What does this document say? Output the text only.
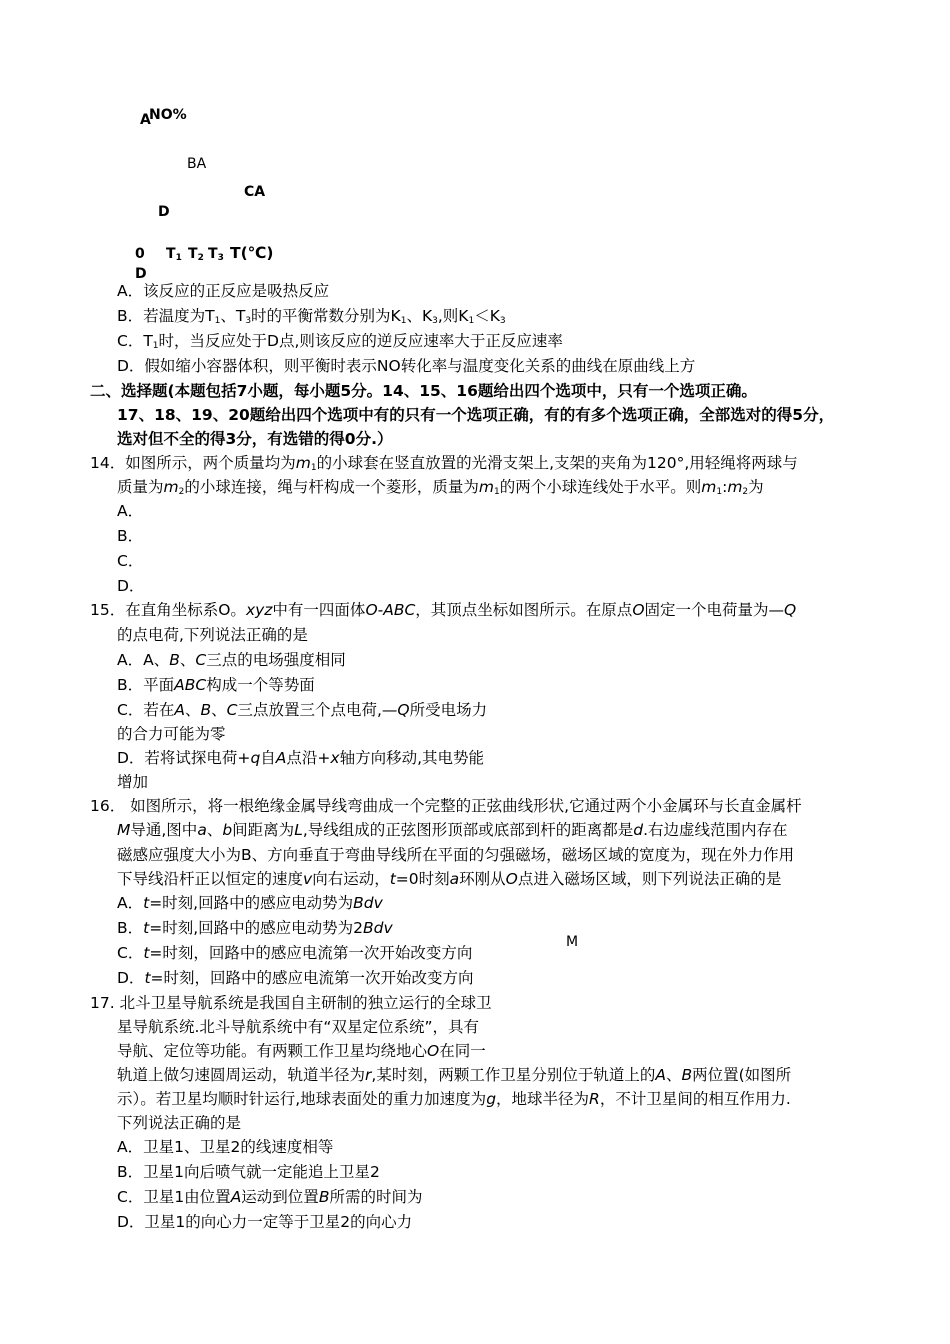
A
NO%
BA
CA
D
0 $T_1$ $T_2$ $T_3$ T(℃)
D
A．该反应的正反应是吸热反应
B．若温度为$T_1$、$T_3$时的平衡常数分别为$K_1$、$K_3$,则$K_1<K_3$
C．$T_1$时，当反应处于D点,则该反应的逆反应速率大于正反应速率
D．假如缩小容器体积，则平衡时表示NO转化率与温度变化关系的曲线在原曲线上方
二、选择题(本题包括7小题，每小题5分。14、15、16题给出四个选项中，只有一个选项正确。
17、18、19、20题给出四个选项中有的只有一个选项正确，有的有多个选项正确，全部选对的得5分，
选对但不全的得3分，有选错的得0分.）
14．如图所示，两个质量均为$m_1$的小球套在竖直放置的光滑支架上,支架的夹角为120°,用轻绳将两球与
质量为$m_2$的小球连接，绳与杆构成一个菱形，质量为$m_1$的两个小球连线处于水平。则$m_1:m_2$为
A．
B．
C．
D．
15．在直角坐标系O。xyz中有一四面体O-ABC，其顶点坐标如图所示。在原点O固定一个电荷量为—Q
的点电荷,下列说法正确的是
A．A、B、C三点的电场强度相同
B．平面ABC构成一个等势面
C．若在A、B、C三点放置三个点电荷,—Q所受电场力
的合力可能为零
D．若将试探电荷+q自A点沿+x轴方向移动,其电势能
增加
16． 如图所示，将一根绝缘金属导线弯曲成一个完整的正弦曲线形状,它通过两个小金属环与长直金属杆
M导通,图中a、b间距离为L,导线组成的正弦图形顶部或底部到杆的距离都是d.右边虚线范围内存在
磁感应强度大小为B、方向垂直于弯曲导线所在平面的匀强磁场，磁场区域的宽度为，现在外力作用
下导线沿杆正以恒定的速度v向右运动，t=0时刻a环刚从O点进入磁场区域，则下列说法正确的是
A．t=时刻,回路中的感应电动势为Bdv
B．t=时刻,回路中的感应电动势为2Bdv
C．t=时刻，回路中的感应电流第一次开始改变方向
M
D．t=时刻，回路中的感应电流第一次开始改变方向
17. 北斗卫星导航系统是我国自主研制的独立运行的全球卫
星导航系统.北斗导航系统中有“双星定位系统”，具有
导航、定位等功能。有两颗工作卫星均绕地心O在同一
轨道上做匀速圆周运动，轨道半径为r,某时刻，两颗工作卫星分别位于轨道上的A、B两位置(如图所
示）。若卫星均顺时针运行,地球表面处的重力加速度为g，地球半径为R，不计卫星间的相互作用力.
下列说法正确的是
A．卫星1、卫星2的线速度相等
B．卫星1向后喷气就一定能追上卫星2
C．卫星1由位置A运动到位置B所需的时间为
D．卫星1的向心力一定等于卫星2的向心力
